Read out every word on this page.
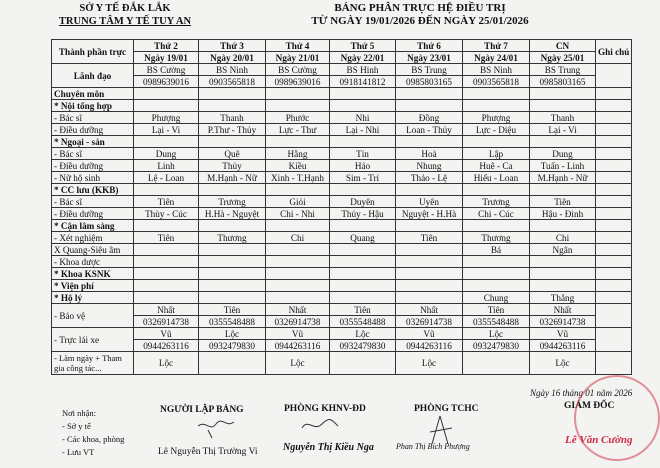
SỞ Y TẾ ĐẮK LẮK
TRUNG TÂM Y TẾ TUY AN
BẢNG PHÂN TRỰC HỆ ĐIỀU TRỊ
TỪ NGÀY 19/01/2026 ĐẾN NGÀY 25/01/2026
Thành phần trực	Thứ 2	Thứ 3	Thứ 4	Thứ 5	Thứ 6	Thứ 7	CN	Ghi chú
	Ngày 19/01	Ngày 20/01	Ngày 21/01	Ngày 22/01	Ngày 23/01	Ngày 24/01	Ngày 25/01	
Lãnh đạo	BS Cường	BS Ninh	BS Cường	BS Hinh	BS Trung	BS Ninh	BS Trung	
	0989639016	0903565818	0989639016	0918141812	0985803165	0903565818	0985803165	
Chuyên môn								
* Nội tổng hợp								
- Bác sĩ	Phượng	Thanh	Phước	Nhi	Đồng	Phượng	Thanh	
- Điều dưỡng	Lại - Vi	P.Thư - Thủy	Lực - Thư	Lại - Nhi	Loan - Thủy	Lực - Diệu	Lại - Vi	
* Ngoại - sản								
- Bác sĩ	Dung	Quê	Hằng	Tín	Hoà	Lập	Dung	
- Điều dưỡng	Linh	Thủy	Kiều	Hảo	Nhung	Huê - Ca	Tuấn - Linh	
- Nữ hộ sinh	Lệ - Loan	M.Hạnh - Nữ	Xinh - T.Hạnh	Sim - Trí	Thảo - Lệ	Hiếu - Loan	M.Hạnh - Nữ	
* CC lưu (KKB)								
- Bác sĩ	Tiên	Trương	Giỏi	Duyên	Uyên	Trương	Tiên	
- Điều dưỡng	Thùy - Cúc	H.Hà - Nguyệt	Chi - Nhi	Thủy - Hậu	Nguyệt - H.Hà	Chi - Cúc	Hậu - Đình	
* Cận lâm sàng								
- Xét nghiệm	Tiên	Thương	Chi	Quang	Tiên	Thương	Chi	
X Quang-Siêu âm						Bá	Ngân	
- Khoa dược								
* Khoa KSNK								
* Viện phí								
* Hộ lý						Chung	Thắng	
- Bảo vệ	Nhất	Tiên	Nhất	Tiên	Nhất	Tiên	Nhất	
	0326914738	0355548488	0326914738	0355548488	0326914738	0355548488	0326914738	
- Trực lái xe	Vũ	Lộc	Vũ	Lộc	Vũ	Lộc	Vũ	
	0944263116	0932479830	0944263116	0932479830	0944263116	0932479830	0944263116	

- Làm ngày + Tham
gia công tác...	Lộc		Lộc		Lộc		Lộc	
Nơi nhận:
- Sở y tế
- Các khoa, phòng
- Lưu VT
NGƯỜI LẬP BẢNG
Lê Nguyễn Thị Trường Vi
PHÒNG KHNV-ĐD
Nguyễn Thị Kiều Nga
PHÒNG TCHC
Phan Thị Bích Phượng
Ngày 16 tháng 01 năm 2026
GIÁM ĐỐC
Lê Văn Cường
